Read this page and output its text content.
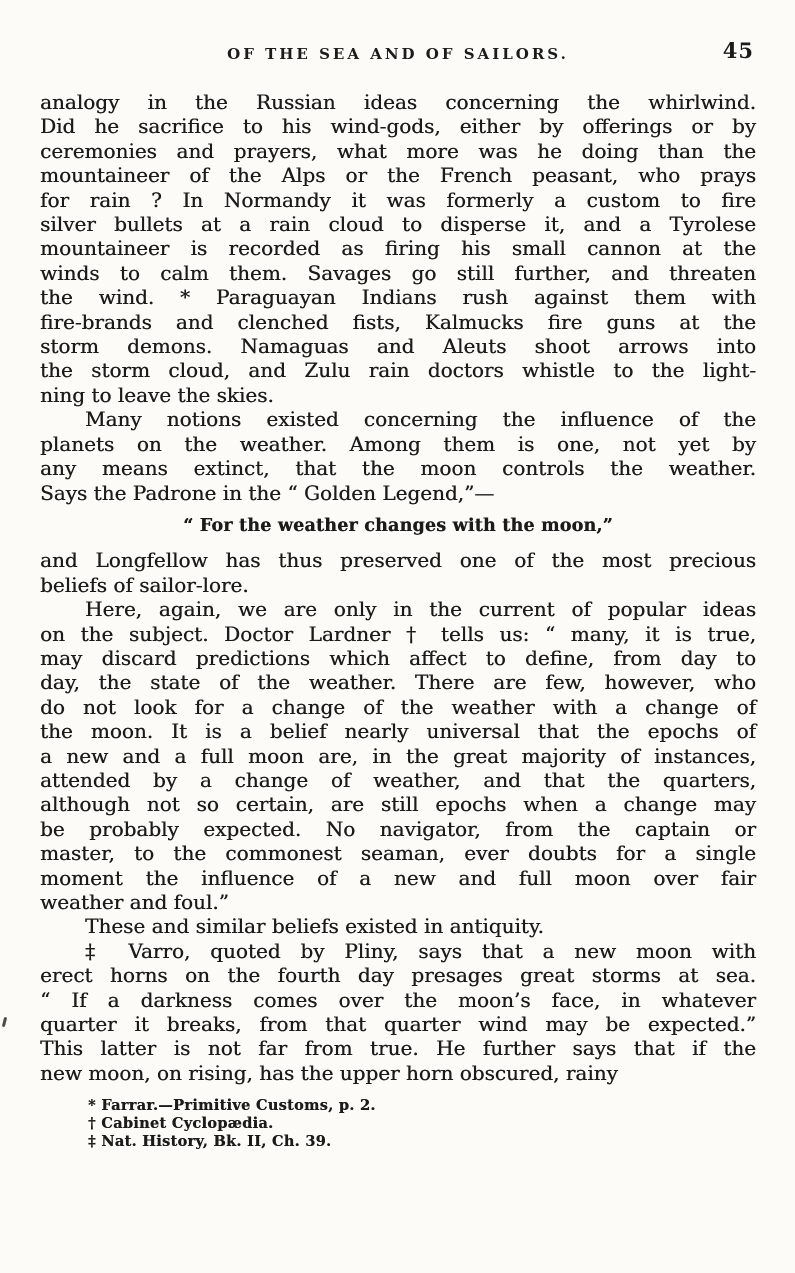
OF THE SEA AND OF SAILORS.	45

analogy in the Russian ideas concerning the whirlwind.
Did he sacrifice to his wind-gods, either by offerings or by
ceremonies and prayers, what more was he doing than the
mountaineer of the Alps or the French peasant, who prays
for rain ? In Normandy it was formerly a custom to fire
silver bullets at a rain cloud to disperse it, and a Tyrolese
mountaineer is recorded as firing his small cannon at the
winds to calm them. Savages go still further, and threaten
the wind. * Paraguayan Indians rush against them with
fire-brands and clenched fists, Kalmucks fire guns at the
storm demons. Namaguas and Aleuts shoot arrows into
the storm cloud, and Zulu rain doctors whistle to the light-
ning to leave the skies.

Many notions existed concerning the influence of the
planets on the weather. Among them is one, not yet by
any means extinct, that the moon controls the weather.
Says the Padrone in the “ Golden Legend,”—

“ For the weather changes with the moon,”

and Longfellow has thus preserved one of the most precious
beliefs of sailor-lore.

Here, again, we are only in the current of popular ideas
on the subject. Doctor Lardner † tells us: “ many, it is true,
may discard predictions which affect to define, from day to
day, the state of the weather. There are few, however, who
do not look for a change of the weather with a change of
the moon. It is a belief nearly universal that the epochs of
a new and a full moon are, in the great majority of instances,
attended by a change of weather, and that the quarters,
although not so certain, are still epochs when a change may
be probably expected. No navigator, from the captain or
master, to the commonest seaman, ever doubts for a single
moment the influence of a new and full moon over fair
weather and foul.”

These and similar beliefs existed in antiquity.

‡ Varro, quoted by Pliny, says that a new moon with
erect horns on the fourth day presages great storms at sea.
“ If a darkness comes over the moon’s face, in whatever
quarter it breaks, from that quarter wind may be expected.”
This latter is not far from true. He further says that if the
new moon, on rising, has the upper horn obscured, rainy

* Farrar.—Primitive Customs, p. 2.
† Cabinet Cyclopædia.
‡ Nat. History, Bk. II, Ch. 39.
